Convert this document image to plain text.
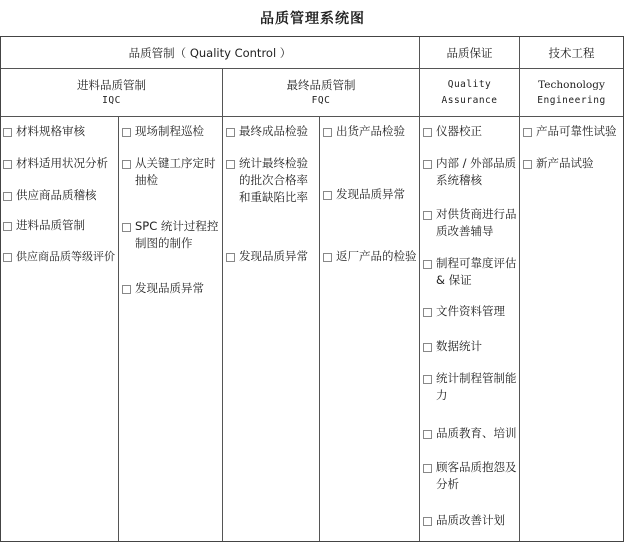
品质管理系统图
品质管制（ Quality Control ）	品质保证	技术工程
进料品质管制
IQC
最终品质管制
FQC
Quality
Assurance
Techonology
Engineering
材料规格审核
材料适用状况分析
供应商品质稽核
进料品质管制
供应商品质等级评价
现场制程巡检
从关键工序定时抽检
SPC 统计过程控制图的制作
发现品质异常
最终成品检验
统计最终检验的批次合格率和重缺陷比率
发现品质异常
出货产品检验
发现品质异常
返厂产品的检验
仪器校正
内部 / 外部品质系统稽核
对供货商进行品质改善辅导
制程可靠度评估 & 保证
文件资料管理
数据统计
统计制程管制能力
品质教育、培训
顾客品质抱怨及分析
品质改善计划
产品可靠性试验
新产品试验
